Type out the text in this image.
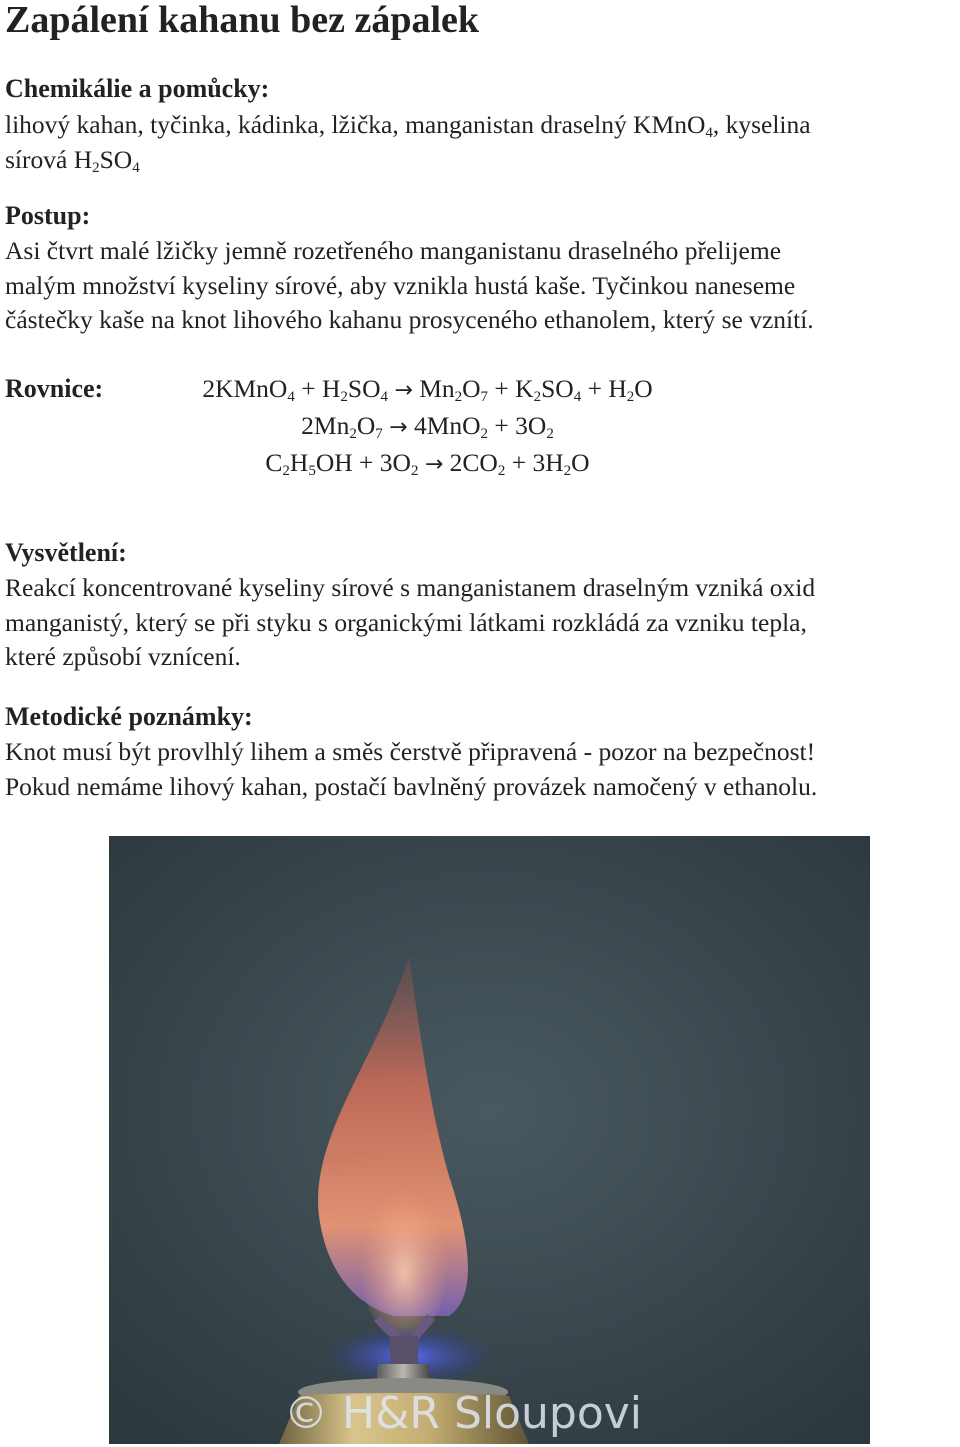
Zapálení kahanu bez zápalek
Chemikálie a pomůcky:
lihový kahan, tyčinka, kádinka, lžička, manganistan draselný KMnO$_4$, kyselina
sírová $H_2SO_4$
Postup:
Asi čtvrt malé lžičky jemně rozetřeného manganistanu draselného přelijeme
malým množství kyseliny sírové, aby vznikla hustá kaše. Tyčinkou naneseme
částečky kaše na knot lihového kahanu prosyceného ethanolem, který se vznítí.
Rovnice:	2KMnO$_4$ + $H_2SO_4 \to Mn_2O_7 + K_2SO_4 + H_2O$
$2Mn_2O_7 \to 4MnO_2 + 3O_2$
$C_2H_5OH + 3O_2 \to 2CO_2 + 3H_2O$
Vysvětlení:
Reakcí koncentrované kyseliny sírové s manganistanem draselným vzniká oxid
manganistý, který se při styku s organickými látkami rozkládá za vzniku tepla,
které způsobí vznícení.
Metodické poznámky:
Knot musí být provlhlý lihem a směs čerstvě připravená - pozor na bezpečnost!
Pokud nemáme lihový kahan, postačí bavlněný provázek namočený v ethanolu.
© H&R Sloupovi
